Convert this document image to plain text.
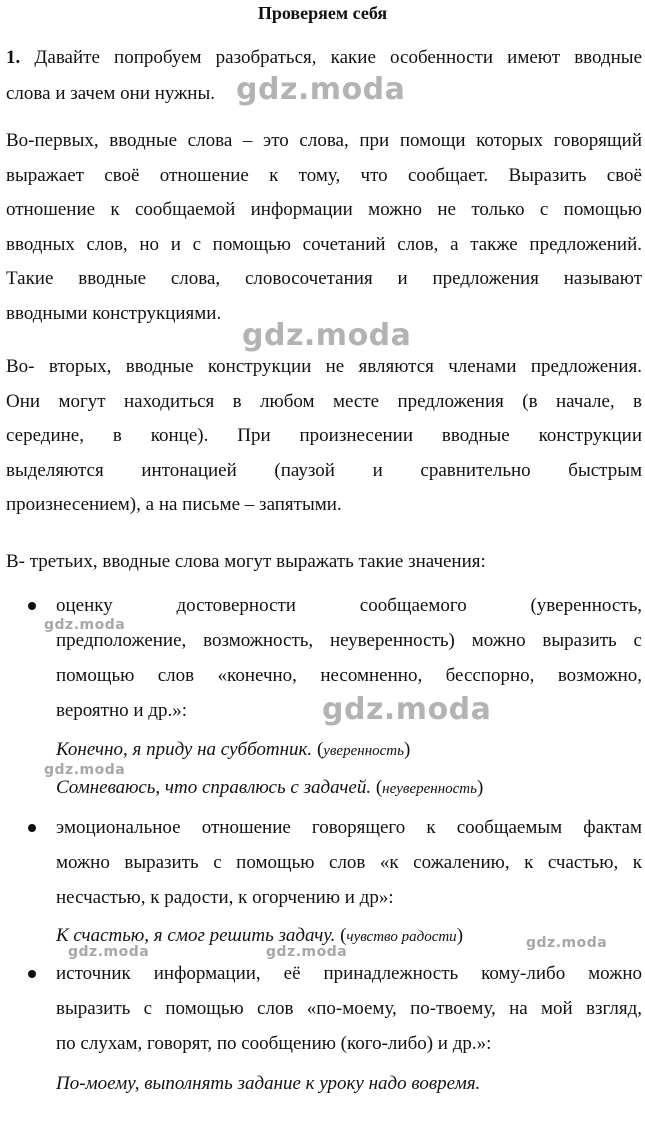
Проверяем себя
1. Давайте попробуем разобраться, какие особенности имеют вводные
слова и зачем они нужны.
Во-первых, вводные слова – это слова, при помощи которых говорящий
выражает своё отношение к тому, что сообщает. Выразить своё
отношение к сообщаемой информации можно не только с помощью
вводных слов, но и с помощью сочетаний слов, а также предложений.
Такие вводные слова, словосочетания и предложения называют
вводными конструкциями.
Во- вторых, вводные конструкции не являются членами предложения.
Они могут находиться в любом месте предложения (в начале, в
середине, в конце). При произнесении вводные конструкции
выделяются интонацией (паузой и сравнительно быстрым
произнесением), а на письме – запятыми.
В- третьих, вводные слова могут выражать такие значения:
оценку достоверности сообщаемого (уверенность,
предположение, возможность, неуверенность) можно выразить с
помощью слов «конечно, несомненно, бесспорно, возможно,
вероятно и др.»:
Конечно, я приду на субботник. (уверенность)
Сомневаюсь, что справлюсь с задачей. (неуверенность)
эмоциональное отношение говорящего к сообщаемым фактам
можно выразить с помощью слов «к сожалению, к счастью, к
несчастью, к радости, к огорчению и др»:
К счастью, я смог решить задачу. (чувство радости)
источник информации, её принадлежность кому-либо можно
выразить с помощью слов «по-моему, по-твоему, на мой взгляд,
по слухам, говорят, по сообщению (кого-либо) и др.»:
По-моему, выполнять задание к уроку надо вовремя.
gdz.moda
gdz.moda
gdz.moda
gdz.moda
gdz.moda
gdz.moda	gdz.moda
gdz.moda
